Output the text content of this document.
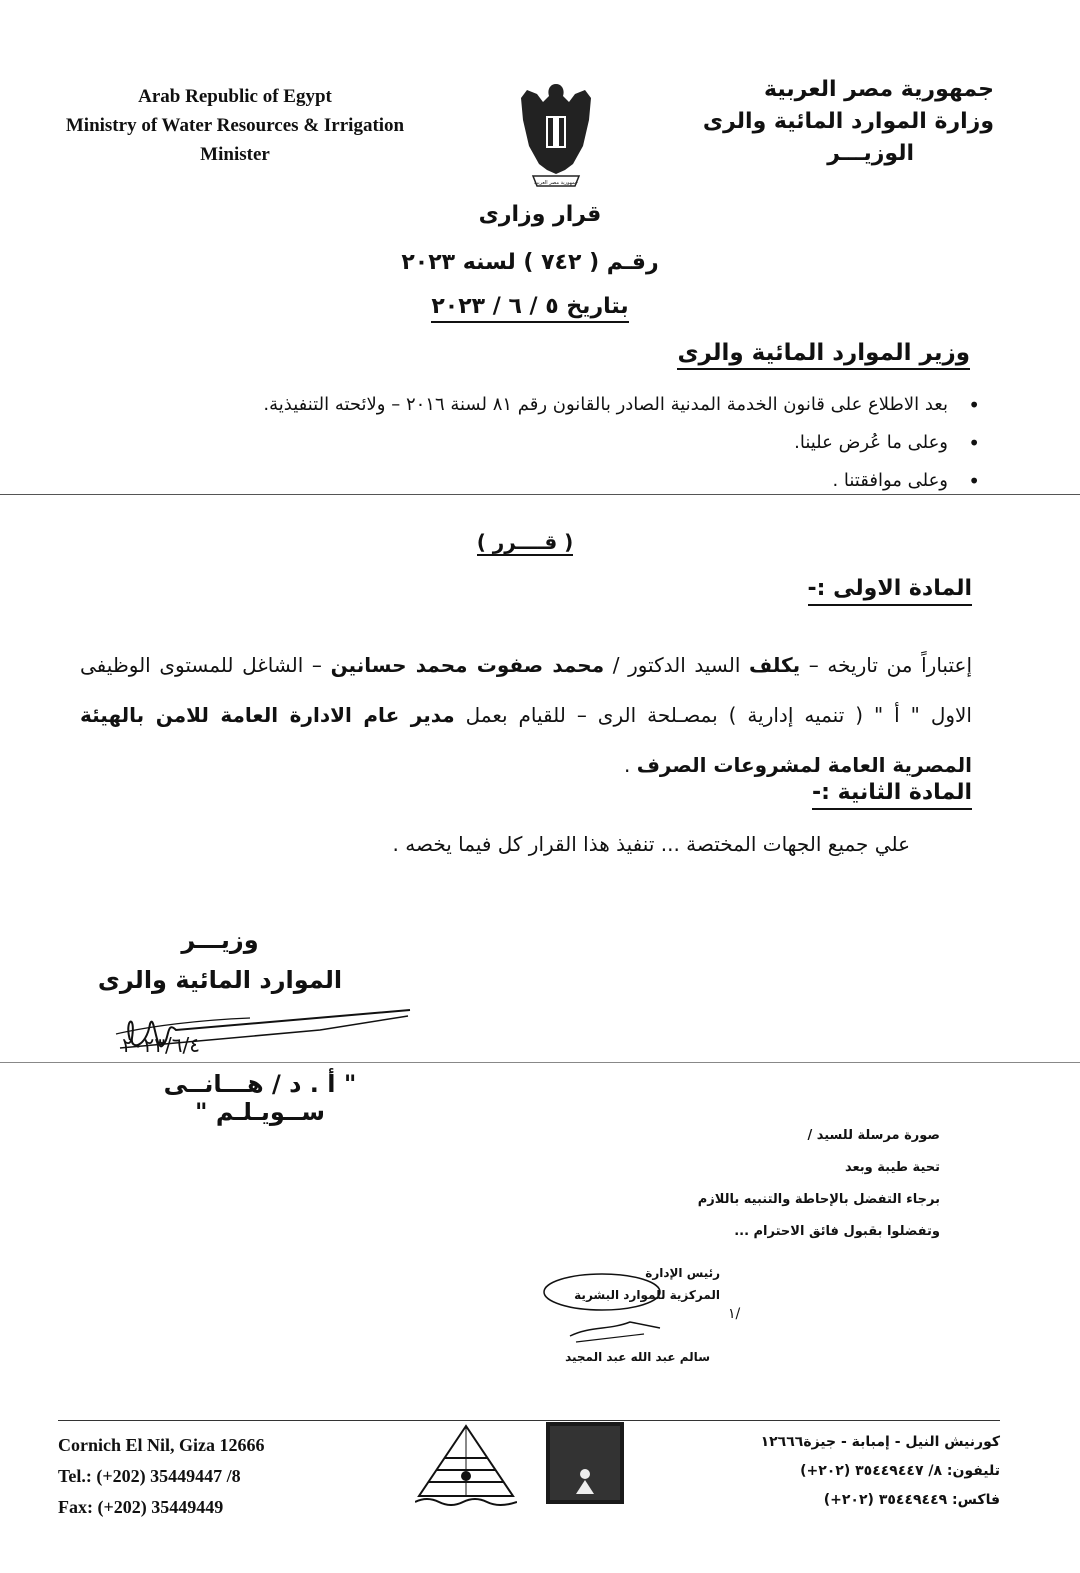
Arab Republic of Egypt
Ministry of Water Resources & Irrigation
Minister
جمهورية مصر العربية
جمهورية مصر العربية
وزارة الموارد المائية والرى
الوزيـــر
قرار وزارى
رقـم ( ٧٤٢ ) لسنه ٢٠٢٣
بتاريخ ٥ / ٦ / ٢٠٢٣
وزير الموارد المائية والرى
• بعد الاطلاع على قانون الخدمة المدنية الصادر بالقانون رقم ٨١ لسنة ٢٠١٦ – ولائحته التنفيذية.
• وعلى ما عُرض علينا.
• وعلى موافقتنا .
( قــــرر )
المادة الاولى :-
إعتباراً من تاريخه – يكلف السيد الدكتور / محمد صفوت محمد حسانين – الشاغل للمستوى الوظيفى الاول " أ " ( تنميه إدارية ) بمصـلحة الرى – للقيام بعمل مدير عام الادارة العامة للامن بالهيئة المصرية العامة لمشروعات الصرف .
المادة الثانية :-
علي جميع الجهات المختصة ... تنفيذ هذا القرار كل فيما يخصه .
وزيـــر
الموارد المائية والرى
٢٠٢٣/٦/٤
" أ . د / هـــانــى ســويـلـم "
صورة مرسلة للسيد /
تحية طيبة وبعد
برجاء التفضل بالإحاطة والتنبيه باللازم
وتفضلوا بقبول فائق الاحترام ...
رئيس الإدارة
المركزية للموارد البشرية
/١
سالم عبد الله عبد المجيد
Cornich El Nil, Giza 12666
Tel.: (+202) 35449447 /8
Fax: (+202) 35449449
كورنيش النيل - إمبابة - جيزة١٢٦٦٦
تليفون: ٨/ ٣٥٤٤٩٤٤٧ (٢٠٢+)
فاكس: ٣٥٤٤٩٤٤٩ (٢٠٢+)
